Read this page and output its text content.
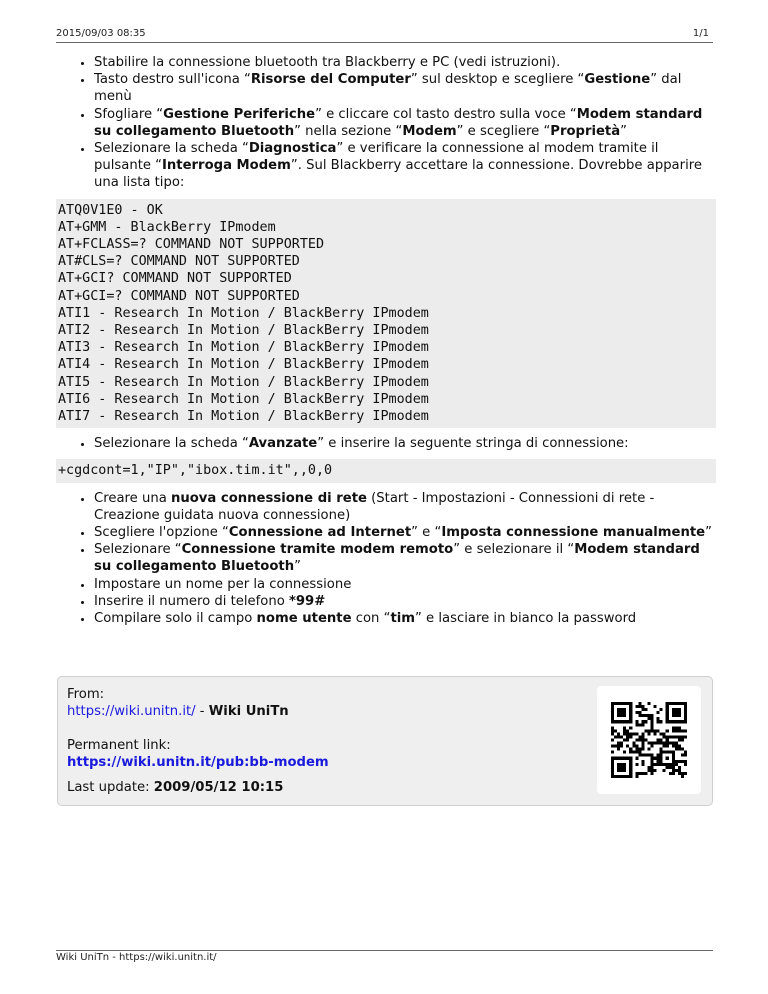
2015/09/03 08:35	1/1
• Stabilire la connessione bluetooth tra Blackberry e PC (vedi istruzioni).
• Tasto destro sull'icona “Risorse del Computer” sul desktop e scegliere “Gestione” dal menù
• Sfogliare “Gestione Periferiche” e cliccare col tasto destro sulla voce “Modem standard su collegamento Bluetooth” nella sezione “Modem” e scegliere “Proprietà”
• Selezionare la scheda “Diagnostica” e verificare la connessione al modem tramite il pulsante “Interroga Modem”. Sul Blackberry accettare la connessione. Dovrebbe apparire una lista tipo:
ATQ0V1E0 - OK
AT+GMM - BlackBerry IPmodem
AT+FCLASS=? COMMAND NOT SUPPORTED
AT#CLS=? COMMAND NOT SUPPORTED
AT+GCI? COMMAND NOT SUPPORTED
AT+GCI=? COMMAND NOT SUPPORTED
ATI1 - Research In Motion / BlackBerry IPmodem
ATI2 - Research In Motion / BlackBerry IPmodem
ATI3 - Research In Motion / BlackBerry IPmodem
ATI4 - Research In Motion / BlackBerry IPmodem
ATI5 - Research In Motion / BlackBerry IPmodem
ATI6 - Research In Motion / BlackBerry IPmodem
ATI7 - Research In Motion / BlackBerry IPmodem
• Selezionare la scheda “Avanzate” e inserire la seguente stringa di connessione:
+cgdcont=1,"IP","ibox.tim.it",,0,0
• Creare una nuova connessione di rete (Start - Impostazioni - Connessioni di rete - Creazione guidata nuova connessione)
• Scegliere l'opzione “Connessione ad Internet” e “Imposta connessione manualmente”
• Selezionare “Connessione tramite modem remoto” e selezionare il “Modem standard su collegamento Bluetooth”
• Impostare un nome per la connessione
• Inserire il numero di telefono *99#
• Compilare solo il campo nome utente con “tim” e lasciare in bianco la password
From:
https://wiki.unitn.it/ - Wiki UniTn
Permanent link:
https://wiki.unitn.it/pub:bb-modem
Last update: 2009/05/12 10:15
Wiki UniTn - https://wiki.unitn.it/
